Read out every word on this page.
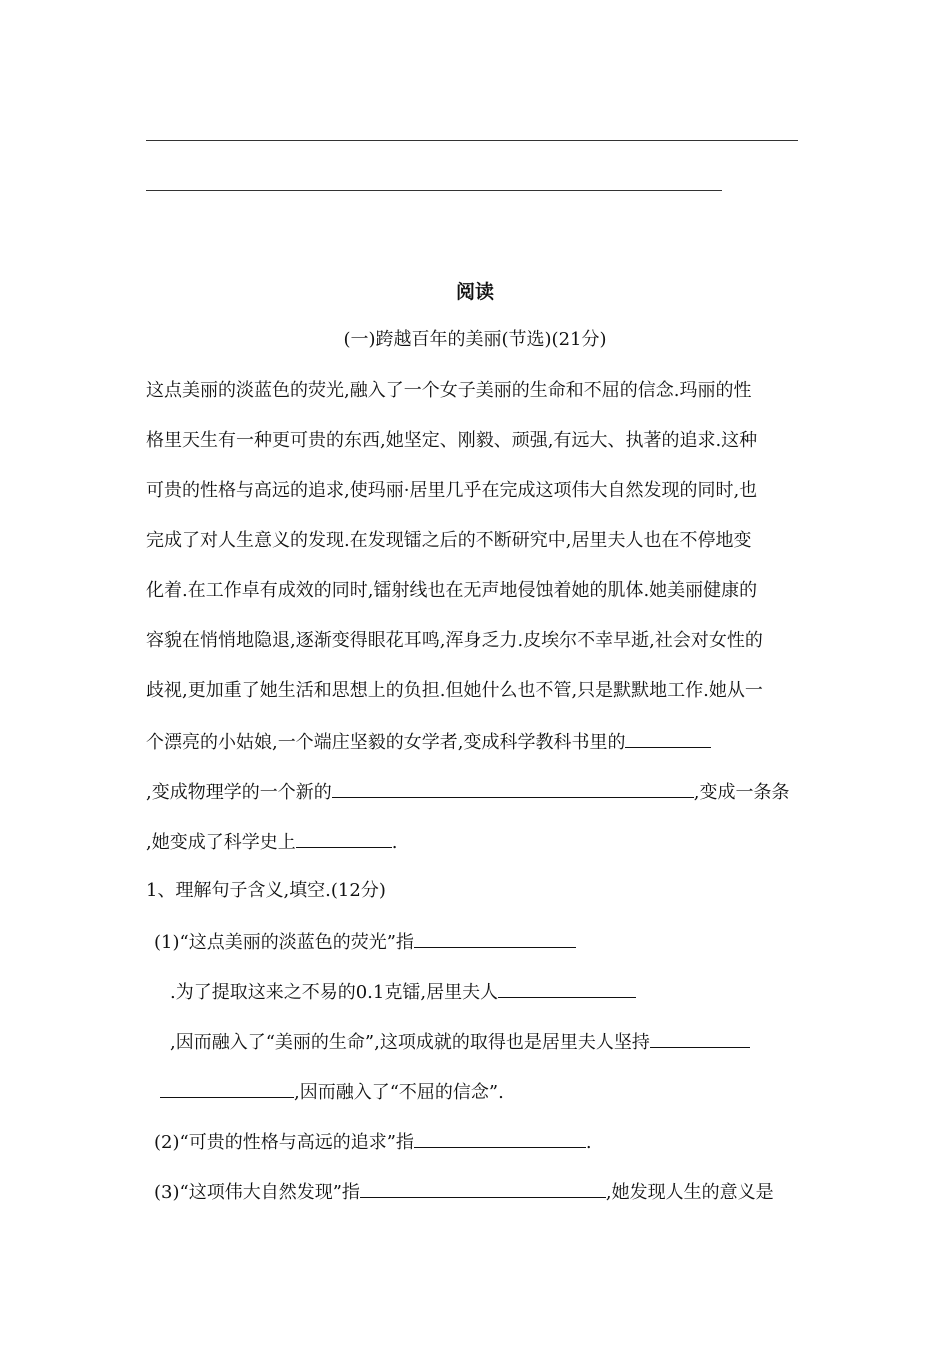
阅读
(一)跨越百年的美丽(节选)(21分)
这点美丽的淡蓝色的荧光,融入了一个女子美丽的生命和不屈的信念.玛丽的性
格里天生有一种更可贵的东西,她坚定、刚毅、顽强,有远大、执著的追求.这种
可贵的性格与高远的追求,使玛丽·居里几乎在完成这项伟大自然发现的同时,也
完成了对人生意义的发现.在发现镭之后的不断研究中,居里夫人也在不停地变
化着.在工作卓有成效的同时,镭射线也在无声地侵蚀着她的肌体.她美丽健康的
容貌在悄悄地隐退,逐渐变得眼花耳鸣,浑身乏力.皮埃尔不幸早逝,社会对女性的
歧视,更加重了她生活和思想上的负担.但她什么也不管,只是默默地工作.她从一
个漂亮的小姑娘,一个端庄坚毅的女学者,变成科学教科书里的
,变成物理学的一个新的	,变成一条条
,她变成了科学史上	.
1、理解句子含义,填空.(12分)
(1)“这点美丽的淡蓝色的荧光”指
.为了提取这来之不易的0.1克镭,居里夫人
,因而融入了“美丽的生命”,这项成就的取得也是居里夫人坚持
,因而融入了“不屈的信念”.
(2)“可贵的性格与高远的追求”指	.
(3)“这项伟大自然发现”指	,她发现人生的意义是
